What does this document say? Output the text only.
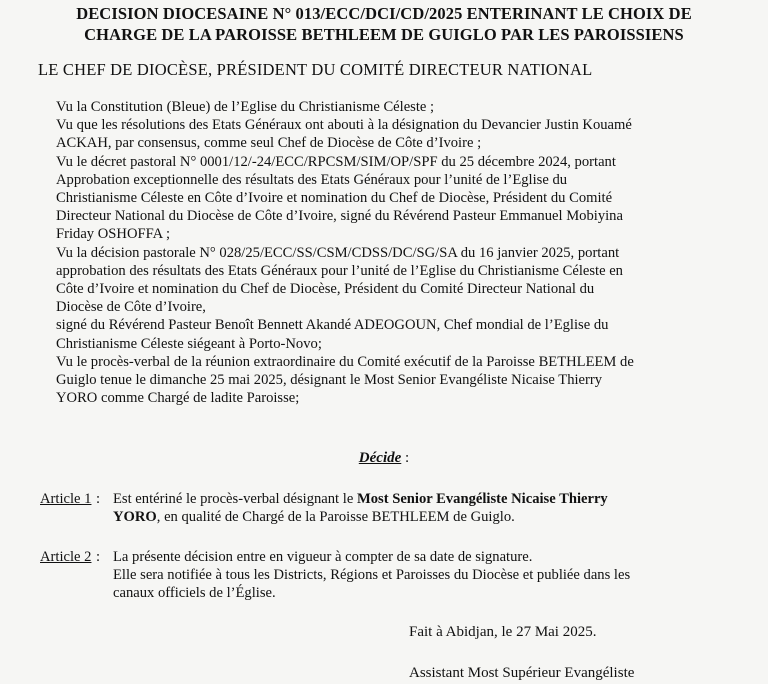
DECISION DIOCESAINE N° 013/ECC/DCI/CD/2025 ENTERINANT LE CHOIX DE
CHARGE DE LA PAROISSE BETHLEEM DE GUIGLO PAR LES PAROISSIENS
LE CHEF DE DIOCÈSE, PRÉSIDENT DU COMITÉ DIRECTEUR NATIONAL

Vu la Constitution (Bleue) de l’Eglise du Christianisme Céleste ;

Vu que les résolutions des Etats Généraux ont abouti à la désignation du Devancier Justin Kouamé
ACKAH, par consensus, comme seul Chef de Diocèse de Côte d’Ivoire ;

Vu le décret pastoral N° 0001/12/-24/ECC/RPCSM/SIM/OP/SPF du 25 décembre 2024, portant
Approbation exceptionnelle des résultats des Etats Généraux pour l’unité de l’Eglise du
Christianisme Céleste en Côte d’Ivoire et nomination du Chef de Diocèse, Président du Comité
Directeur National du Diocèse de Côte d’Ivoire, signé du Révérend Pasteur Emmanuel Mobiyina
Friday OSHOFFA ;

Vu la décision pastorale N° 028/25/ECC/SS/CSM/CDSS/DC/SG/SA du 16 janvier 2025, portant
approbation des résultats des Etats Généraux pour l’unité de l’Eglise du Christianisme Céleste en
Côte d’Ivoire et nomination du Chef de Diocèse, Président du Comité Directeur National du
Diocèse de Côte d’Ivoire,
signé du Révérend Pasteur Benoît Bennett Akandé ADEOGOUN, Chef mondial de l’Eglise du
Christianisme Céleste siégeant à Porto-Novo;

Vu le procès-verbal de la réunion extraordinaire du Comité exécutif de la Paroisse BETHLEEM de
Guiglo tenue le dimanche 25 mai 2025, désignant le Most Senior Evangéliste Nicaise Thierry
YORO comme Chargé de ladite Paroisse;

Décide :
Article 1 : Est entériné le procès-verbal désignant le Most Senior Evangéliste Nicaise Thierry
YORO, en qualité de Chargé de la Paroisse BETHLEEM de Guiglo.
Article 2 : La présente décision entre en vigueur à compter de sa date de signature.
Elle sera notifiée à tous les Districts, Régions et Paroisses du Diocèse et publiée dans les
canaux officiels de l’Église.
Fait à Abidjan, le 27 Mai 2025.
Assistant Most Supérieur Evangéliste
